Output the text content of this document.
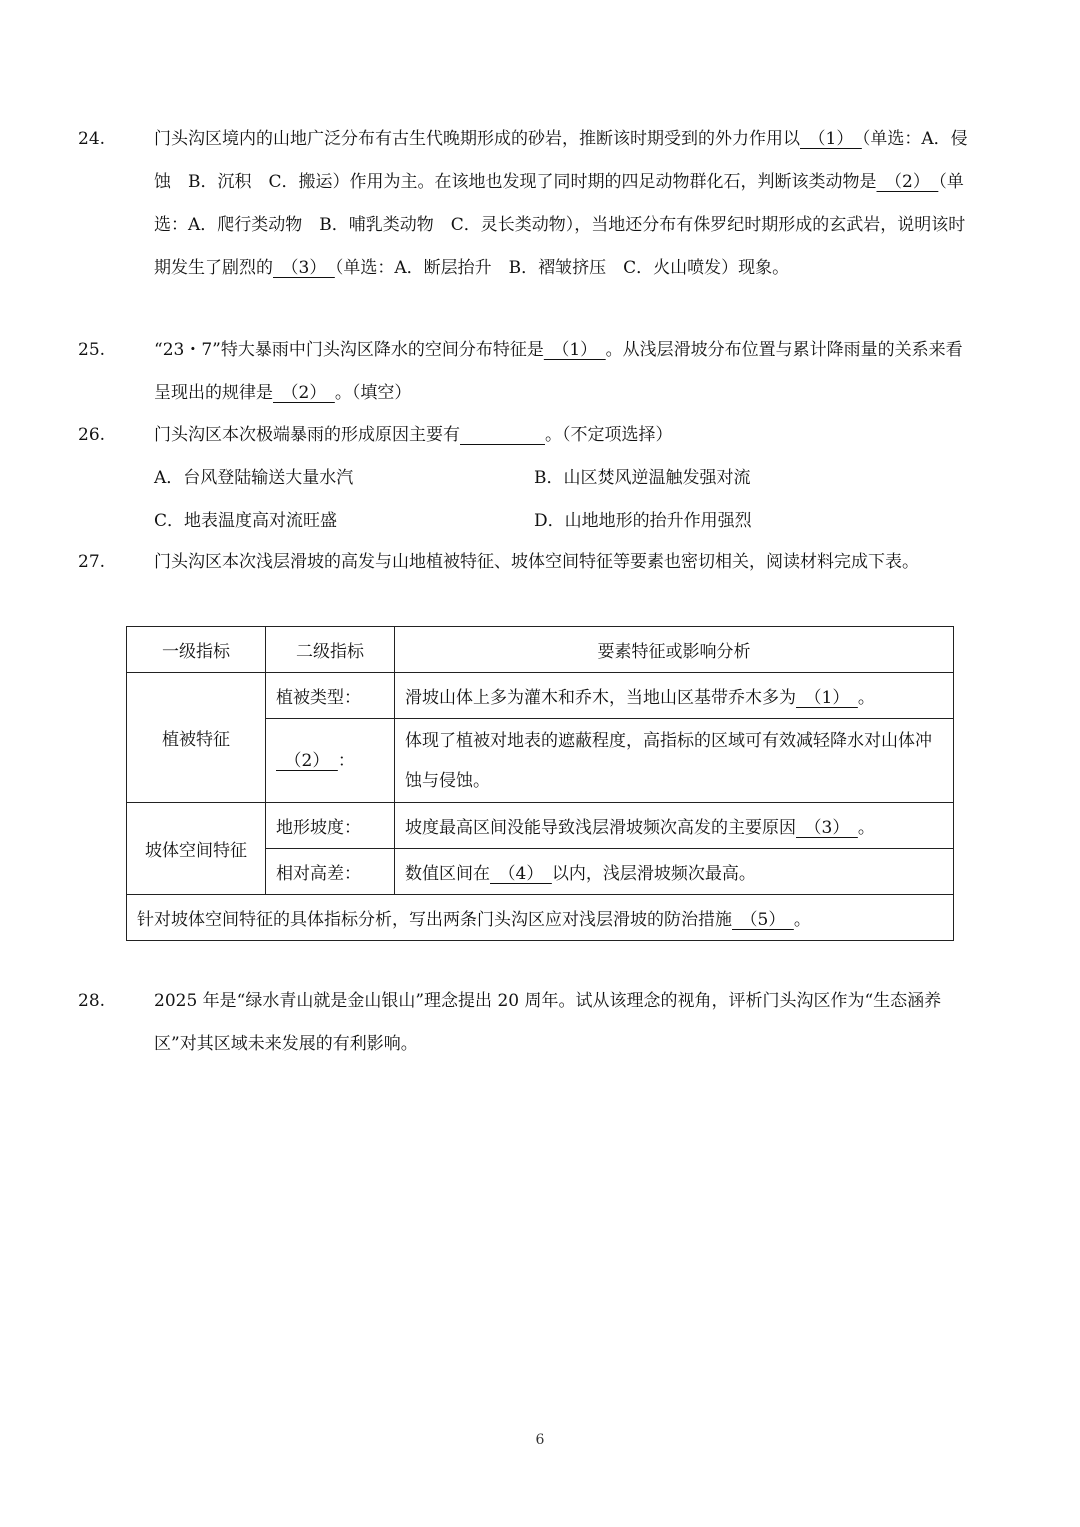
24.	门头沟区境内的山地广泛分布有古生代晚期形成的砂岩，推断该时期受到的外力作用以　（1）　（单选：A．侵蚀　B．沉积　C．搬运）作用为主。在该地也发现了同时期的四足动物群化石，判断该类动物是　（2）　（单选：A．爬行类动物　B．哺乳类动物　C．灵长类动物），当地还分布有侏罗纪时期形成的玄武岩，说明该时期发生了剧烈的　（3）　（单选：A．断层抬升　B．褶皱挤压　C．火山喷发）现象。

25.	“23・7”特大暴雨中门头沟区降水的空间分布特征是　（1）　。从浅层滑坡分布位置与累计降雨量的关系来看呈现出的规律是　（2）　。（填空）

26.	门头沟区本次极端暴雨的形成原因主要有　　　　　	。（不定项选择）

A．台风登陆输送大量水汽	B．山区焚风逆温触发强对流
C．地表温度高对流旺盛	D．山地地形的抬升作用强烈

27.	门头沟区本次浅层滑坡的高发与山地植被特征、坡体空间特征等要素也密切相关，阅读材料完成下表。

一级指标	二级指标	要素特征或影响分析
植被特征	植被类型：	滑坡山体上多为灌木和乔木，当地山区基带乔木多为　（1）　。
	　（2）　：	体现了植被对地表的遮蔽程度，高指标的区域可有效减轻降水对山体冲蚀与侵蚀。
坡体空间特征	地形坡度：	坡度最高区间没能导致浅层滑坡频次高发的主要原因　（3）　。
	相对高差：	数值区间在　（4）　以内，浅层滑坡频次最高。
针对坡体空间特征的具体指标分析，写出两条门头沟区应对浅层滑坡的防治措施　（5）　。		

28.	2025 年是“绿水青山就是金山银山”理念提出 20 周年。试从该理念的视角，评析门头沟区作为“生态涵养区”对其区域未来发展的有利影响。

6
